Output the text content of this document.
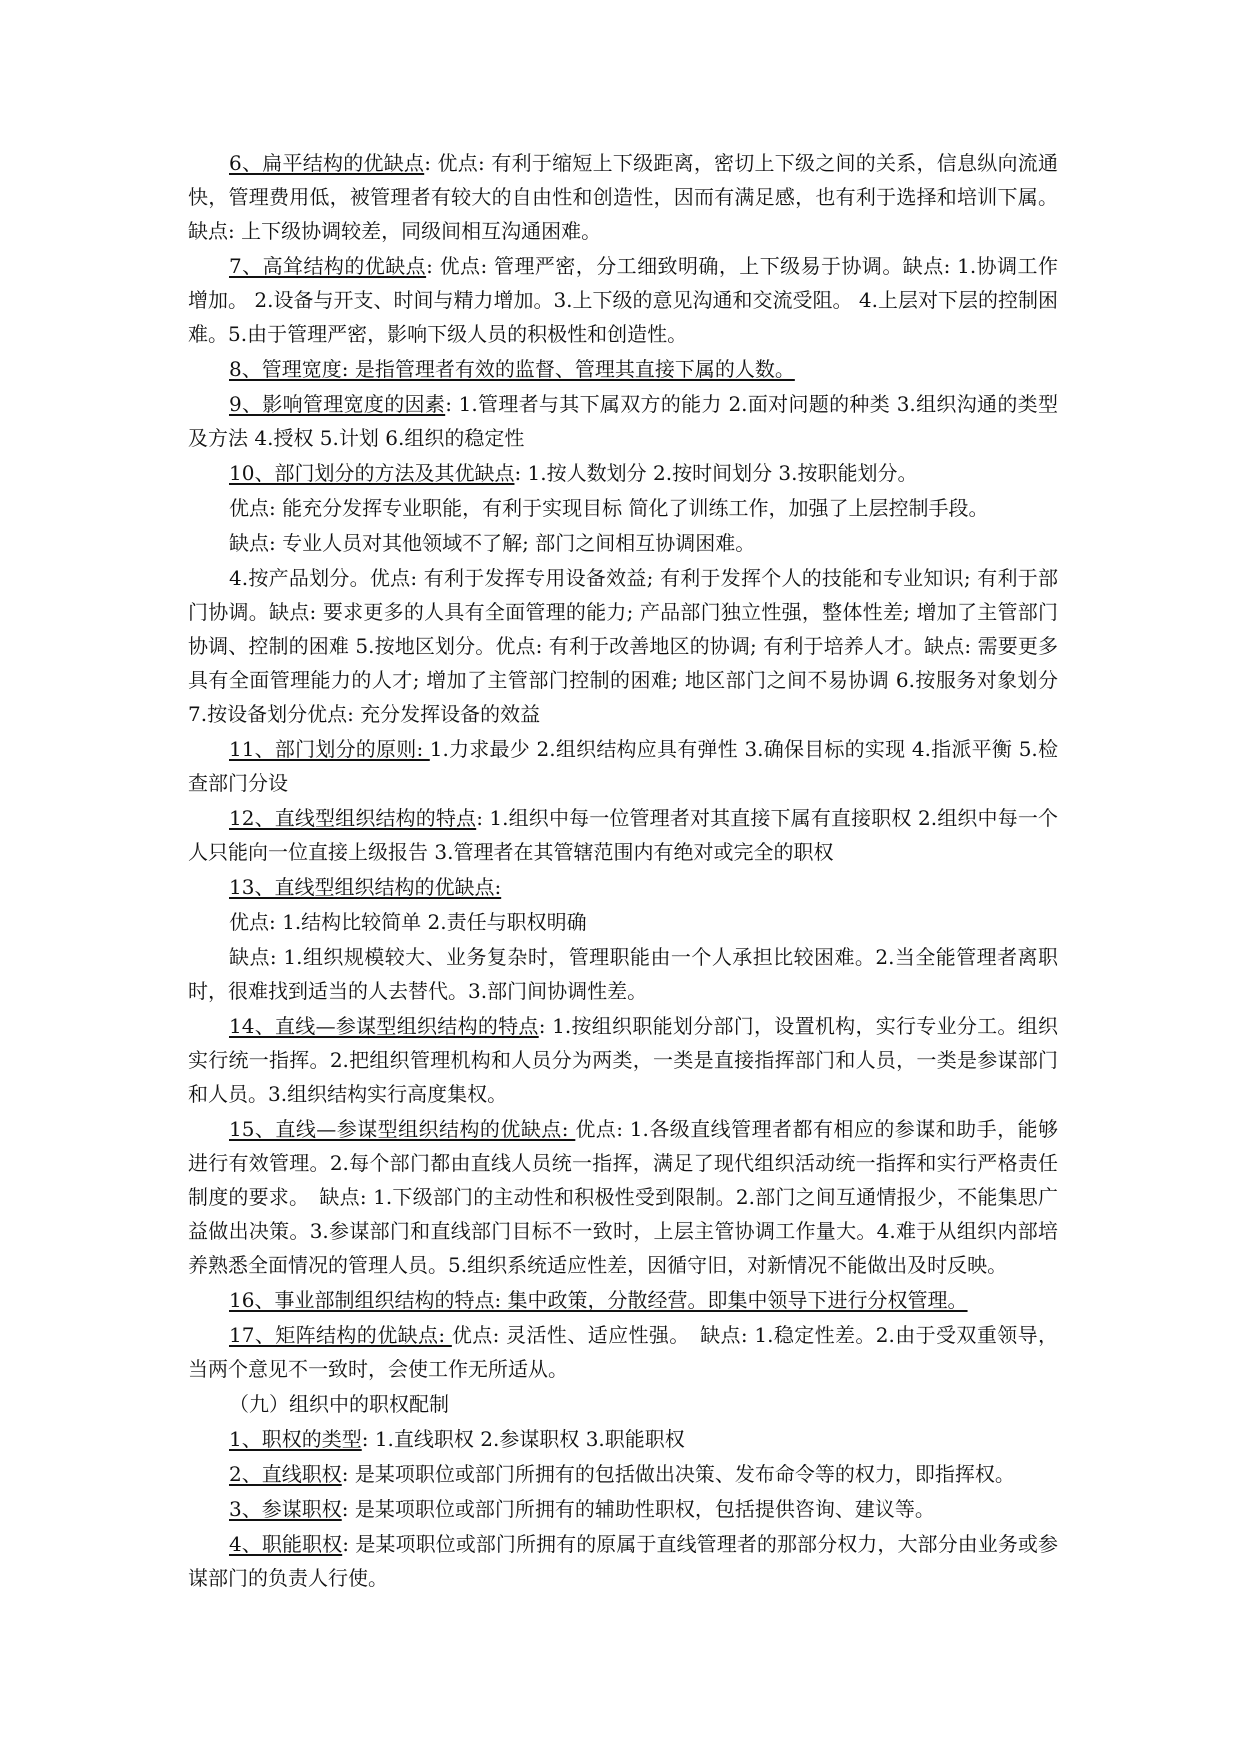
6、扁平结构的优缺点: 优点: 有利于缩短上下级距离，密切上下级之间的关系，信息纵向流通快，管理费用低，被管理者有较大的自由性和创造性，因而有满足感，也有利于选择和培训下属。缺点: 上下级协调较差，同级间相互沟通困难。

7、高耸结构的优缺点: 优点: 管理严密，分工细致明确，上下级易于协调。缺点: 1.协调工作增加。 2.设备与开支、时间与精力增加。3.上下级的意见沟通和交流受阻。 4.上层对下层的控制困难。5.由于管理严密，影响下级人员的积极性和创造性。

8、管理宽度: 是指管理者有效的监督、管理其直接下属的人数。

9、影响管理宽度的因素: 1.管理者与其下属双方的能力 2.面对问题的种类 3.组织沟通的类型及方法 4.授权 5.计划 6.组织的稳定性

10、部门划分的方法及其优缺点: 1.按人数划分 2.按时间划分 3.按职能划分。

优点: 能充分发挥专业职能，有利于实现目标 简化了训练工作，加强了上层控制手段。

缺点: 专业人员对其他领域不了解; 部门之间相互协调困难。

4.按产品划分。优点: 有利于发挥专用设备效益; 有利于发挥个人的技能和专业知识; 有利于部门协调。缺点: 要求更多的人具有全面管理的能力; 产品部门独立性强，整体性差; 增加了主管部门协调、控制的困难 5.按地区划分。优点: 有利于改善地区的协调; 有利于培养人才。缺点: 需要更多具有全面管理能力的人才; 增加了主管部门控制的困难; 地区部门之间不易协调 6.按服务对象划分 7.按设备划分优点: 充分发挥设备的效益

11、部门划分的原则: 1.力求最少 2.组织结构应具有弹性 3.确保目标的实现 4.指派平衡 5.检查部门分设

12、直线型组织结构的特点: 1.组织中每一位管理者对其直接下属有直接职权 2.组织中每一个人只能向一位直接上级报告 3.管理者在其管辖范围内有绝对或完全的职权

13、直线型组织结构的优缺点:

优点: 1.结构比较简单 2.责任与职权明确

缺点: 1.组织规模较大、业务复杂时，管理职能由一个人承担比较困难。2.当全能管理者离职时，很难找到适当的人去替代。3.部门间协调性差。

14、直线—参谋型组织结构的特点: 1.按组织职能划分部门，设置机构，实行专业分工。组织实行统一指挥。2.把组织管理机构和人员分为两类，一类是直接指挥部门和人员，一类是参谋部门和人员。3.组织结构实行高度集权。

15、直线—参谋型组织结构的优缺点: 优点: 1.各级直线管理者都有相应的参谋和助手，能够进行有效管理。2.每个部门都由直线人员统一指挥，满足了现代组织活动统一指挥和实行严格责任制度的要求。　缺点: 1.下级部门的主动性和积极性受到限制。2.部门之间互通情报少，不能集思广益做出决策。3.参谋部门和直线部门目标不一致时，上层主管协调工作量大。4.难于从组织内部培养熟悉全面情况的管理人员。5.组织系统适应性差，因循守旧，对新情况不能做出及时反映。

16、事业部制组织结构的特点: 集中政策，分散经营。即集中领导下进行分权管理。

17、矩阵结构的优缺点: 优点: 灵活性、适应性强。　缺点: 1.稳定性差。2.由于受双重领导，当两个意见不一致时，会使工作无所适从。

（九）组织中的职权配制

1、职权的类型: 1.直线职权 2.参谋职权 3.职能职权

2、直线职权: 是某项职位或部门所拥有的包括做出决策、发布命令等的权力，即指挥权。

3、参谋职权: 是某项职位或部门所拥有的辅助性职权，包括提供咨询、建议等。

4、职能职权: 是某项职位或部门所拥有的原属于直线管理者的那部分权力，大部分由业务或参谋部门的负责人行使。
